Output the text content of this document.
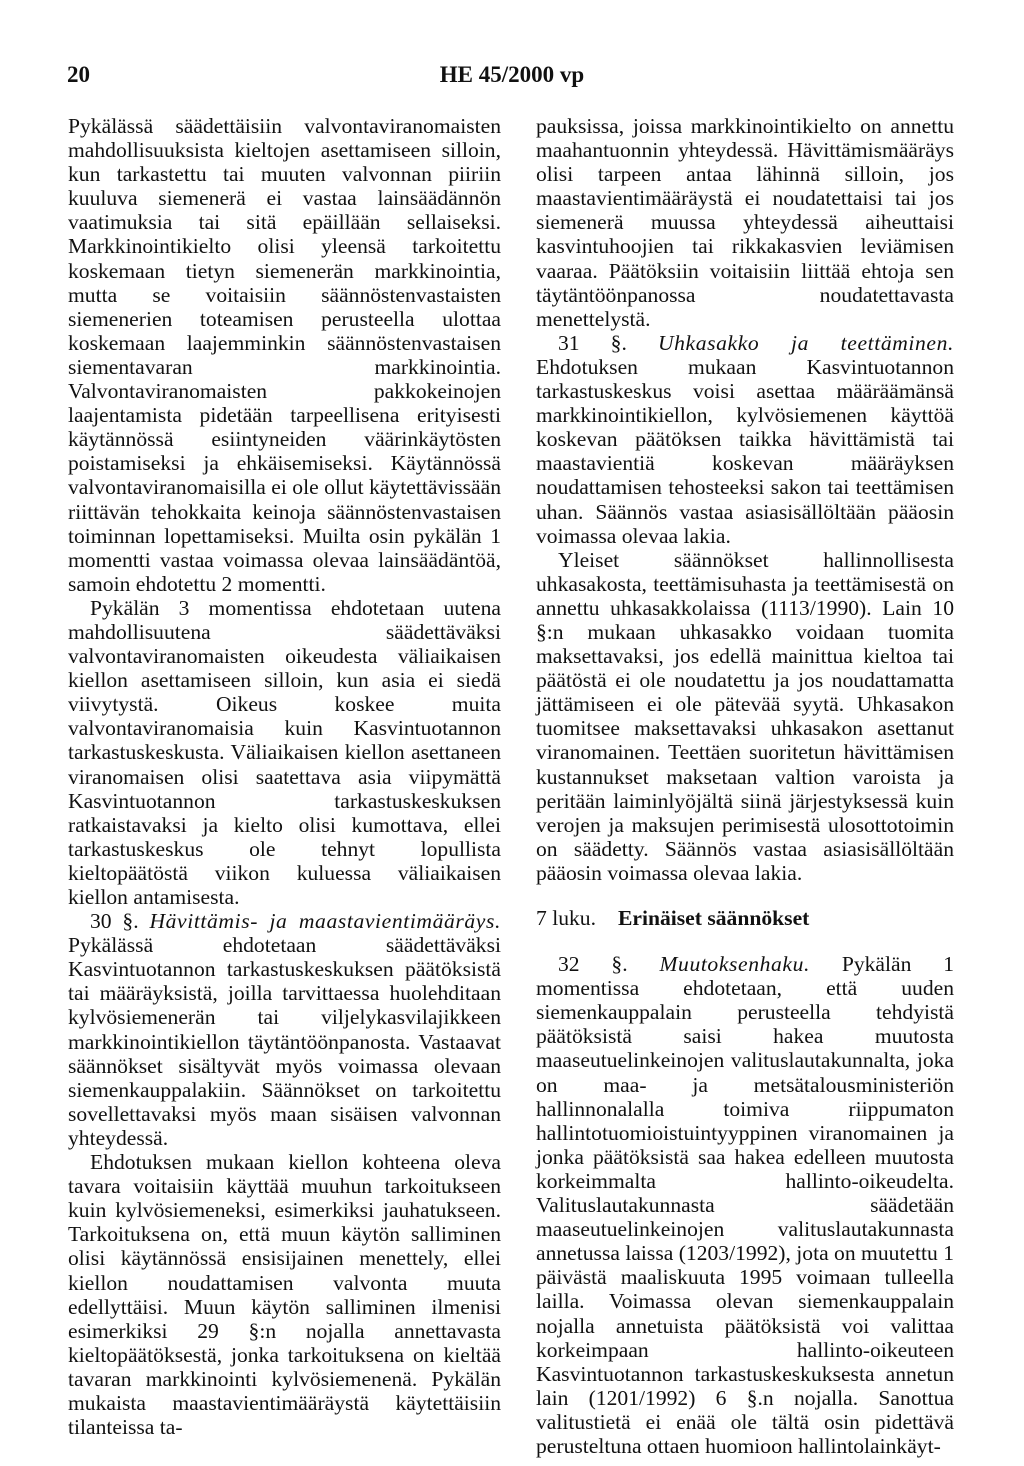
20	HE 45/2000 vp

Pykälässä säädettäisiin valvontaviranomaisten mahdollisuuksista kieltojen asettamiseen silloin, kun tarkastettu tai muuten valvonnan piiriin kuuluva siemenerä ei vastaa lainsäädännön vaatimuksia tai sitä epäillään sellaiseksi. Markkinointikielto olisi yleensä tarkoitettu koskemaan tietyn siemenerän markkinointia, mutta se voitaisiin säännöstenvastaisten siemenerien toteamisen perusteella ulottaa koskemaan laajemminkin säännöstenvastaisen siementavaran markkinointia. Valvontaviranomaisten pakkokeinojen laajentamista pidetään tarpeellisena erityisesti käytännössä esiintyneiden väärinkäytösten poistamiseksi ja ehkäisemiseksi. Käytännössä valvontaviranomaisilla ei ole ollut käytettävissään riittävän tehokkaita keinoja säännöstenvastaisen toiminnan lopettamiseksi. Muilta osin pykälän 1 momentti vastaa voimassa olevaa lainsäädäntöä, samoin ehdotettu 2 momentti.

Pykälän 3 momentissa ehdotetaan uutena mahdollisuutena säädettäväksi valvontaviranomaisten oikeudesta väliaikaisen kiellon asettamiseen silloin, kun asia ei siedä viivytystä. Oikeus koskee muita valvontaviranomaisia kuin Kasvintuotannon tarkastuskeskusta. Väliaikaisen kiellon asettaneen viranomaisen olisi saatettava asia viipymättä Kasvintuotannon tarkastuskeskuksen ratkaistavaksi ja kielto olisi kumottava, ellei tarkastuskeskus ole tehnyt lopullista kieltopäätöstä viikon kuluessa väliaikaisen kiellon antamisesta.

30 §. Hävittämis- ja maastavientimääräys. Pykälässä ehdotetaan säädettäväksi Kasvintuotannon tarkastuskeskuksen päätöksistä tai määräyksistä, joilla tarvittaessa huolehditaan kylvösiemenerän tai viljelykasvilajikkeen markkinointikiellon täytäntöönpanosta. Vastaavat säännökset sisältyvät myös voimassa olevaan siemenkauppalakiin. Säännökset on tarkoitettu sovellettavaksi myös maan sisäisen valvonnan yhteydessä.

Ehdotuksen mukaan kiellon kohteena oleva tavara voitaisiin käyttää muuhun tarkoitukseen kuin kylvösiemeneksi, esimerkiksi jauhatukseen. Tarkoituksena on, että muun käytön salliminen olisi käytännössä ensisijainen menettely, ellei kiellon noudattamisen valvonta muuta edellyttäisi. Muun käytön salliminen ilmenisi esimerkiksi 29 §:n nojalla annettavasta kieltopäätöksestä, jonka tarkoituksena on kieltää tavaran markkinointi kylvösiemenenä. Pykälän mukaista maastavientimääräystä käytettäisiin tilanteissa ta-

pauksissa, joissa markkinointikielto on annettu maahantuonnin yhteydessä. Hävittämismääräys olisi tarpeen antaa lähinnä silloin, jos maastavientimääräystä ei noudatettaisi tai jos siemenerä muussa yhteydessä aiheuttaisi kasvintuhoojien tai rikkakasvien leviämisen vaaraa. Päätöksiin voitaisiin liittää ehtoja sen täytäntöönpanossa noudatettavasta menettelystä.

31 §. Uhkasakko ja teettäminen. Ehdotuksen mukaan Kasvintuotannon tarkastuskeskus voisi asettaa määräämänsä markkinointikiellon, kylvösiemenen käyttöä koskevan päätöksen taikka hävittämistä tai maastavientiä koskevan määräyksen noudattamisen tehosteeksi sakon tai teettämisen uhan. Säännös vastaa asiasisällöltään pääosin voimassa olevaa lakia.

Yleiset säännökset hallinnollisesta uhkasakosta, teettämisuhasta ja teettämisestä on annettu uhkasakkolaissa (1113/1990). Lain 10 §:n mukaan uhkasakko voidaan tuomita maksettavaksi, jos edellä mainittua kieltoa tai päätöstä ei ole noudatettu ja jos noudattamatta jättämiseen ei ole pätevää syytä. Uhkasakon tuomitsee maksettavaksi uhkasakon asettanut viranomainen. Teettäen suoritetun hävittämisen kustannukset maksetaan valtion varoista ja peritään laiminlyöjältä siinä järjestyksessä kuin verojen ja maksujen perimisestä ulosottotoimin on säädetty. Säännös vastaa asiasisällöltään pääosin voimassa olevaa lakia.

7 luku. Erinäiset säännökset

32 §. Muutoksenhaku. Pykälän 1 momentissa ehdotetaan, että uuden siemenkauppalain perusteella tehdyistä päätöksistä saisi hakea muutosta maaseutuelinkeinojen valituslautakunnalta, joka on maa- ja metsätalousministeriön hallinnonalalla toimiva riippumaton hallintotuomioistuintyyppinen viranomainen ja jonka päätöksistä saa hakea edelleen muutosta korkeimmalta hallinto-oikeudelta. Valituslautakunnasta säädetään maaseutuelinkeinojen valituslautakunnasta annetussa laissa (1203/1992), jota on muutettu 1 päivästä maaliskuuta 1995 voimaan tulleella lailla. Voimassa olevan siemenkauppalain nojalla annetuista päätöksistä voi valittaa korkeimpaan hallinto-oikeuteen Kasvintuotannon tarkastuskeskuksesta annetun lain (1201/1992) 6 §.n nojalla. Sanottua valitustietä ei enää ole tältä osin pidettävä perusteltuna ottaen huomioon hallintolainkäyt-
